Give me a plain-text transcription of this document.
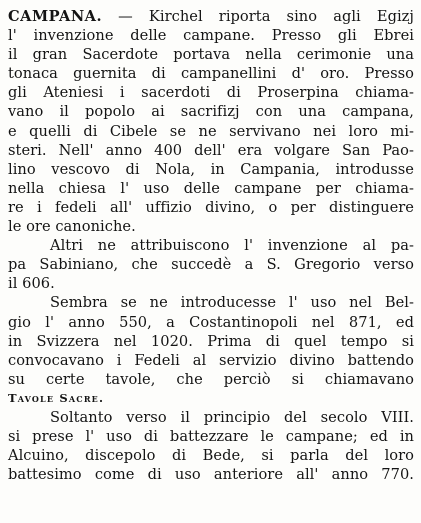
CAMPANA. — Kirchel riporta sino agli Egizj
l' invenzione delle campane. Presso gli Ebrei
il gran Sacerdote portava nella cerimonie una
tonaca guernita di campanellini d' oro. Presso
gli Ateniesi i sacerdoti di Proserpina chiama-
vano il popolo ai sacrifizj con una campana,
e quelli di Cibele se ne servivano nei loro mi-
steri. Nell' anno 400 dell' era volgare San Pao-
lino vescovo di Nola, in Campania, introdusse
nella chiesa l' uso delle campane per chiama-
re i fedeli all' uffizio divino, o per distinguere
le ore canoniche.
Altri ne attribuiscono l' invenzione al pa-
pa Sabiniano, che succedè a S. Gregorio verso
il 606.
Sembra se ne introducesse l' uso nel Bel-
gio l' anno 550, a Costantinopoli nel 871, ed
in Svizzera nel 1020. Prima di quel tempo si
convocavano i Fedeli al servizio divino battendo
su certe tavole, che perciò si chiamavano
Tavole Sacre.
Soltanto verso il principio del secolo VIII.
si prese l' uso di battezzare le campane; ed in
Alcuino, discepolo di Bede, si parla del loro
battesimo come di uso anteriore all' anno 770.
